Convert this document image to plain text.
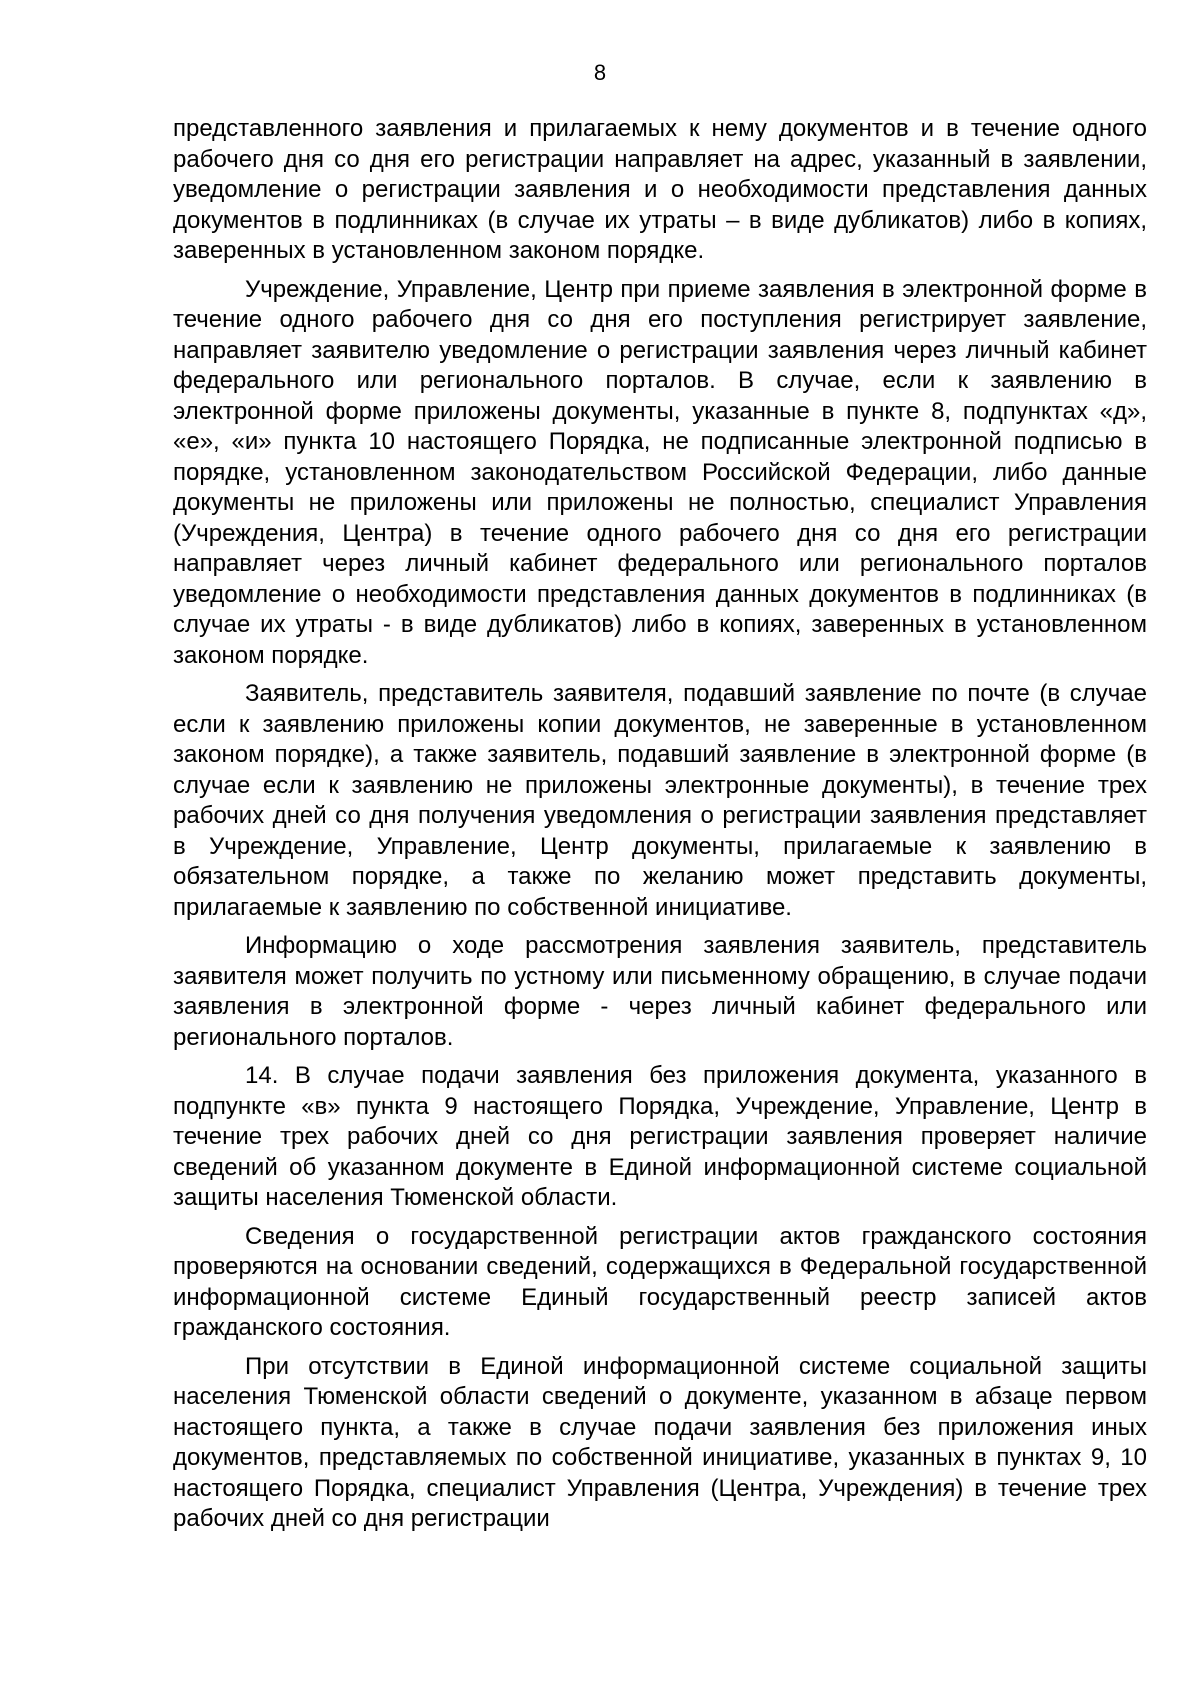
8

представленного заявления и прилагаемых к нему документов и в течение одного рабочего дня со дня его регистрации направляет на адрес, указанный в заявлении, уведомление о регистрации заявления и о необходимости представления данных документов в подлинниках (в случае их утраты – в виде дубликатов) либо в копиях, заверенных в установленном законом порядке.

Учреждение, Управление, Центр при приеме заявления в электронной форме в течение одного рабочего дня со дня его поступления регистрирует заявление, направляет заявителю уведомление о регистрации заявления через личный кабинет федерального или регионального порталов. В случае, если к заявлению в электронной форме приложены документы, указанные в пункте 8, подпунктах «д», «е», «и» пункта 10 настоящего Порядка, не подписанные электронной подписью в порядке, установленном законодательством Российской Федерации, либо данные документы не приложены или приложены не полностью, специалист Управления (Учреждения, Центра) в течение одного рабочего дня со дня его регистрации направляет через личный кабинет федерального или регионального порталов уведомление о необходимости представления данных документов в подлинниках (в случае их утраты - в виде дубликатов) либо в копиях, заверенных в установленном законом порядке.

Заявитель, представитель заявителя, подавший заявление по почте (в случае если к заявлению приложены копии документов, не заверенные в установленном законом порядке), а также заявитель, подавший заявление в электронной форме (в случае если к заявлению не приложены электронные документы), в течение трех рабочих дней со дня получения уведомления о регистрации заявления представляет в Учреждение, Управление, Центр документы, прилагаемые к заявлению в обязательном порядке, а также по желанию может представить документы, прилагаемые к заявлению по собственной инициативе.

Информацию о ходе рассмотрения заявления заявитель, представитель заявителя может получить по устному или письменному обращению, в случае подачи заявления в электронной форме - через личный кабинет федерального или регионального порталов.

14. В случае подачи заявления без приложения документа, указанного в подпункте «в» пункта 9 настоящего Порядка, Учреждение, Управление, Центр в течение трех рабочих дней со дня регистрации заявления проверяет наличие сведений об указанном документе в Единой информационной системе социальной защиты населения Тюменской области.

Сведения о государственной регистрации актов гражданского состояния проверяются на основании сведений, содержащихся в Федеральной государственной информационной системе Единый государственный реестр записей актов гражданского состояния.

При отсутствии в Единой информационной системе социальной защиты населения Тюменской области сведений о документе, указанном в абзаце первом настоящего пункта, а также в случае подачи заявления без приложения иных документов, представляемых по собственной инициативе, указанных в пунктах 9, 10 настоящего Порядка, специалист Управления (Центра, Учреждения) в течение трех рабочих дней со дня регистрации
